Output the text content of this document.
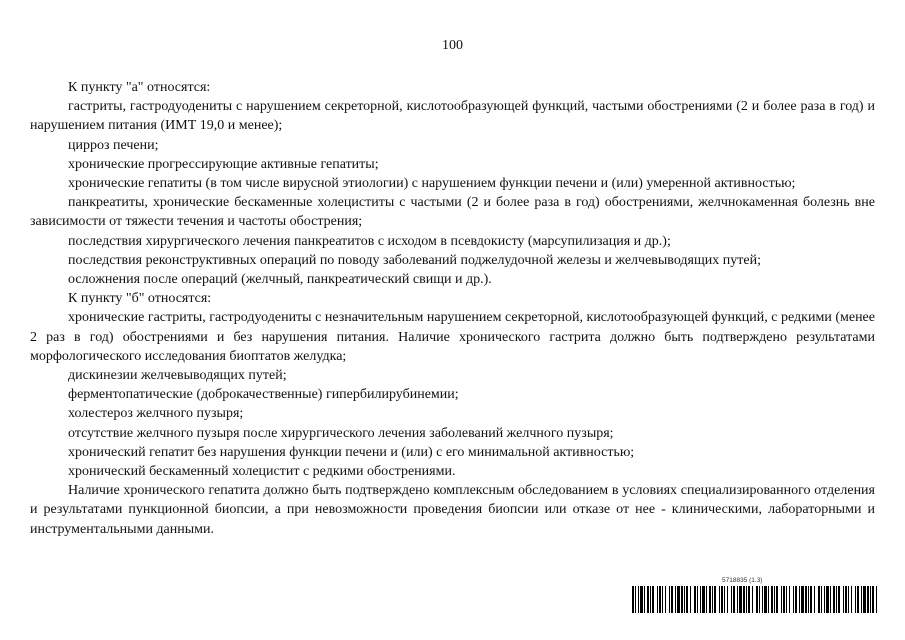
100

К пункту "а" относятся:

гастриты, гастродуодениты с нарушением секреторной, кислотообразующей функций, частыми обострениями (2 и более раза в год) и нарушением питания (ИМТ 19,0 и менее);

цирроз печени;

хронические прогрессирующие активные гепатиты;

хронические гепатиты (в том числе вирусной этиологии) с нарушением функции печени и (или) умеренной активностью;

панкреатиты, хронические бескаменные холециститы с частыми (2 и более раза в год) обострениями, желчнокаменная болезнь вне зависимости от тяжести течения и частоты обострения;

последствия хирургического лечения панкреатитов с исходом в псевдокисту (марсупилизация и др.);

последствия реконструктивных операций по поводу заболеваний поджелудочной железы и желчевыводящих путей;

осложнения после операций (желчный, панкреатический свищи и др.).

К пункту "б" относятся:

хронические гастриты, гастродуодениты с незначительным нарушением секреторной, кислотообразующей функций, с редкими (менее 2 раз в год) обострениями и без нарушения питания. Наличие хронического гастрита должно быть подтверждено результатами морфологического исследования биоптатов желудка;

дискинезии желчевыводящих путей;

ферментопатические (доброкачественные) гипербилирубинемии;

холестероз желчного пузыря;

отсутствие желчного пузыря после хирургического лечения заболеваний желчного пузыря;

хронический гепатит без нарушения функции печени и (или) с его минимальной активностью;

хронический бескаменный холецистит с редкими обострениями.

Наличие хронического гепатита должно быть подтверждено комплексным обследованием в условиях специализированного отделения и результатами пункционной биопсии, а при невозможности проведения биопсии или отказе от нее - клиническими, лабораторными и инструментальными данными.

5718835 (1.3)
